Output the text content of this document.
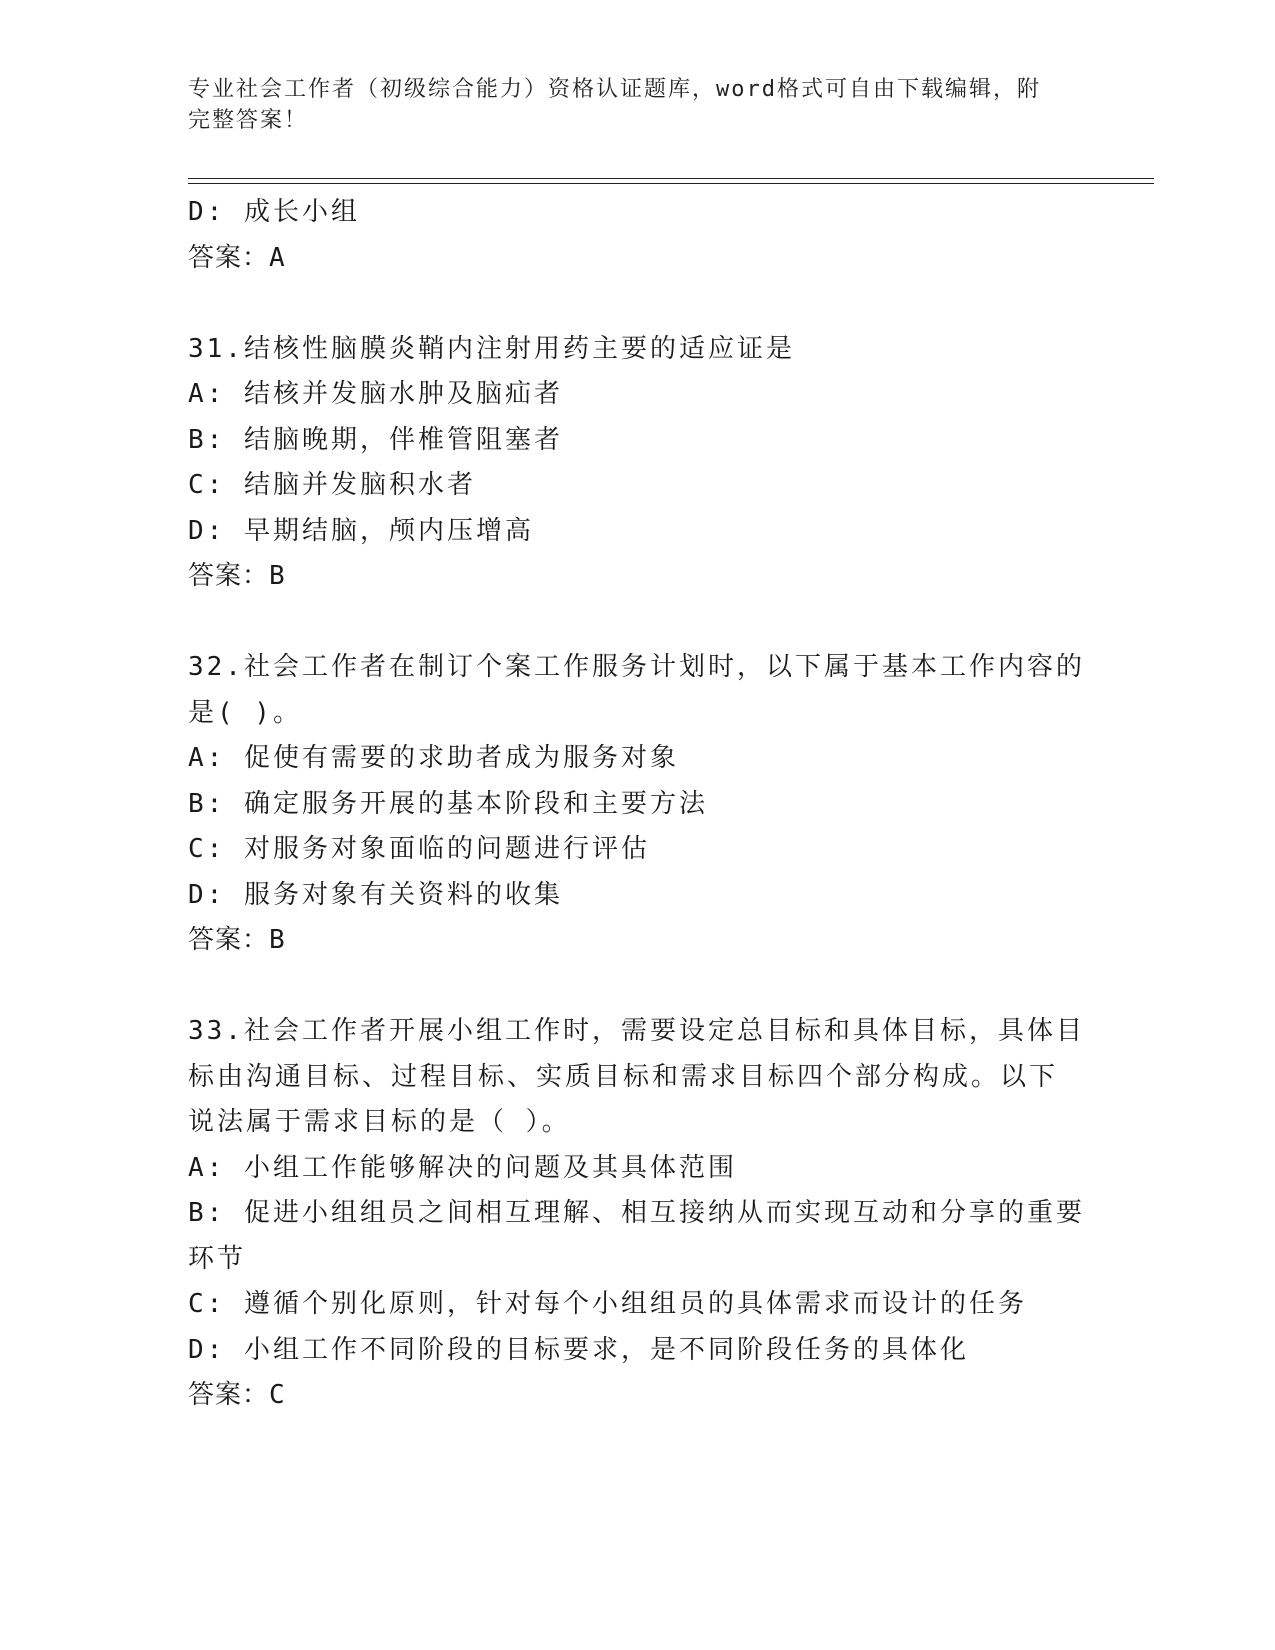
专业社会工作者（初级综合能力）资格认证题库，word格式可自由下载编辑，附
完整答案！
D: 成长小组
答案：A
31.结核性脑膜炎鞘内注射用药主要的适应证是
A: 结核并发脑水肿及脑疝者
B: 结脑晚期，伴椎管阻塞者
C: 结脑并发脑积水者
D: 早期结脑，颅内压增高
答案：B
32.社会工作者在制订个案工作服务计划时，以下属于基本工作内容的
是( )。
A: 促使有需要的求助者成为服务对象
B: 确定服务开展的基本阶段和主要方法
C: 对服务对象面临的问题进行评估
D: 服务对象有关资料的收集
答案：B
33.社会工作者开展小组工作时，需要设定总目标和具体目标，具体目
标由沟通目标、过程目标、实质目标和需求目标四个部分构成。以下
说法属于需求目标的是（ ）。
A: 小组工作能够解决的问题及其具体范围
B: 促进小组组员之间相互理解、相互接纳从而实现互动和分享的重要
环节
C: 遵循个别化原则，针对每个小组组员的具体需求而设计的任务
D: 小组工作不同阶段的目标要求，是不同阶段任务的具体化
答案：C
